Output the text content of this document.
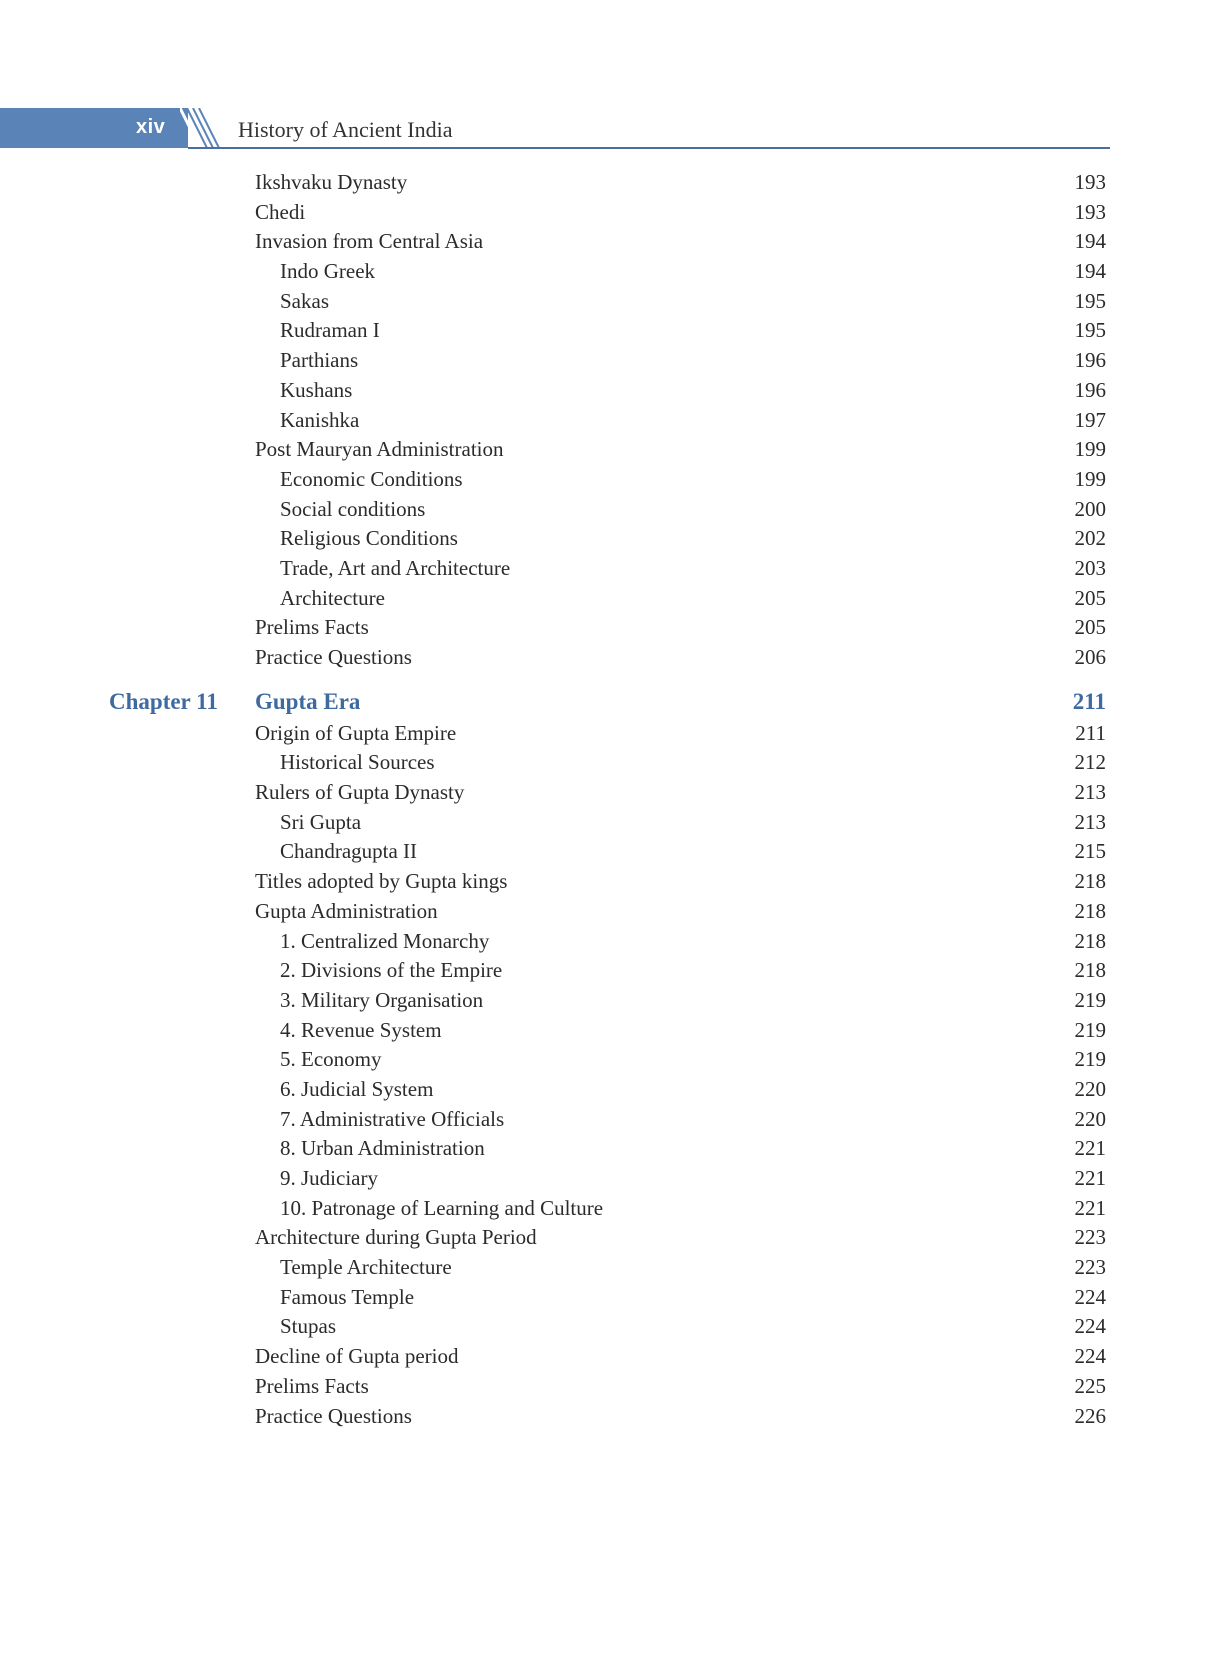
xiv	History of Ancient India
Ikshvaku Dynasty	193
Chedi	193
Invasion from Central Asia	194
Indo Greek	194
Sakas	195
Rudraman I	195
Parthians	196
Kushans	196
Kanishka	197
Post Mauryan Administration	199
Economic Conditions	199
Social conditions	200
Religious Conditions	202
Trade, Art and Architecture	203
Architecture	205
Prelims Facts	205
Practice Questions	206
Chapter 11 Gupta Era	211
Origin of Gupta Empire	211
Historical Sources	212
Rulers of Gupta Dynasty	213
Sri Gupta	213
Chandragupta II	215
Titles adopted by Gupta kings	218
Gupta Administration	218
1. Centralized Monarchy	218
2. Divisions of the Empire	218
3. Military Organisation	219
4. Revenue System	219
5. Economy	219
6. Judicial System	220
7. Administrative Officials	220
8. Urban Administration	221
9. Judiciary	221
10. Patronage of Learning and Culture	221
Architecture during Gupta Period	223
Temple Architecture	223
Famous Temple	224
Stupas	224
Decline of Gupta period	224
Prelims Facts	225
Practice Questions	226
